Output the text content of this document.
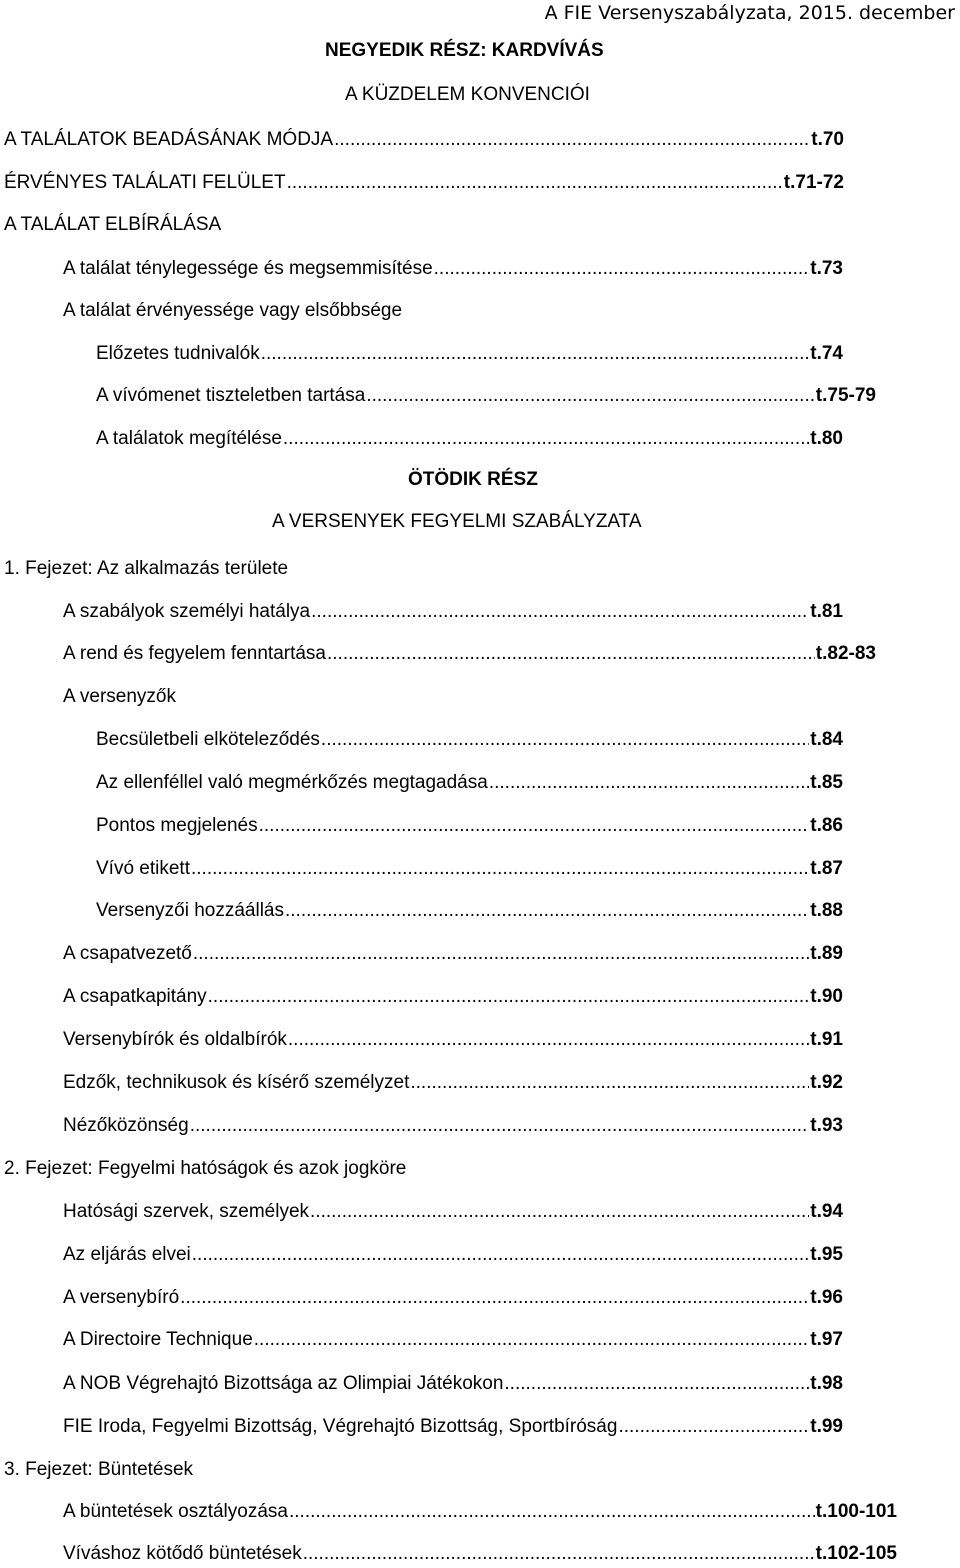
A FIE Versenyszabályzata, 2015. december
NEGYEDIK RÉSZ: KARDVÍVÁS
A KÜZDELEM KONVENCIÓI
A TALÁLATOK BEADÁSÁNAK MÓDJA .....	t.70
ÉRVÉNYES TALÁLATI FELÜLET .....	t.71-72
A TALÁLAT ELBÍRÁLÁSA
A találat ténylegessége és megsemmisítése .....	t.73
A találat érvényessége vagy elsőbbsége
Előzetes tudnivalók .....	t.74
A vívómenet tiszteletben tartása .....	t.75-79
A találatok megítélése .....	t.80
ÖTÖDIK RÉSZ
A VERSENYEK FEGYELMI SZABÁLYZATA
1. Fejezet: Az alkalmazás területe
A szabályok személyi hatálya .....	t.81
A rend és fegyelem fenntartása .....	t.82-83
A versenyzők
Becsületbeli elköteleződés .....	t.84
Az ellenféllel való megmérkőzés megtagadása .....	t.85
Pontos megjelenés .....	t.86
Vívó etikett .....	t.87
Versenyzői hozzáállás .....	t.88
A csapatvezető .....	t.89
A csapatkapitány .....	t.90
Versenybírók és oldalbírók .....	t.91
Edzők, technikusok és kísérő személyzet .....	t.92
Nézőközönség .....	t.93
2. Fejezet: Fegyelmi hatóságok és azok jogköre
Hatósági szervek, személyek .....	t.94
Az eljárás elvei .....	t.95
A versenybíró .....	t.96
A Directoire Technique .....	t.97
A NOB Végrehajtó Bizottsága az Olimpiai Játékokon .....	t.98
FIE Iroda, Fegyelmi Bizottság, Végrehajtó Bizottság, Sportbíróság .....	t.99
3. Fejezet: Büntetések
A büntetések osztályozása .....	t.100-101
Víváshoz kötődő büntetések .....	t.102-105
